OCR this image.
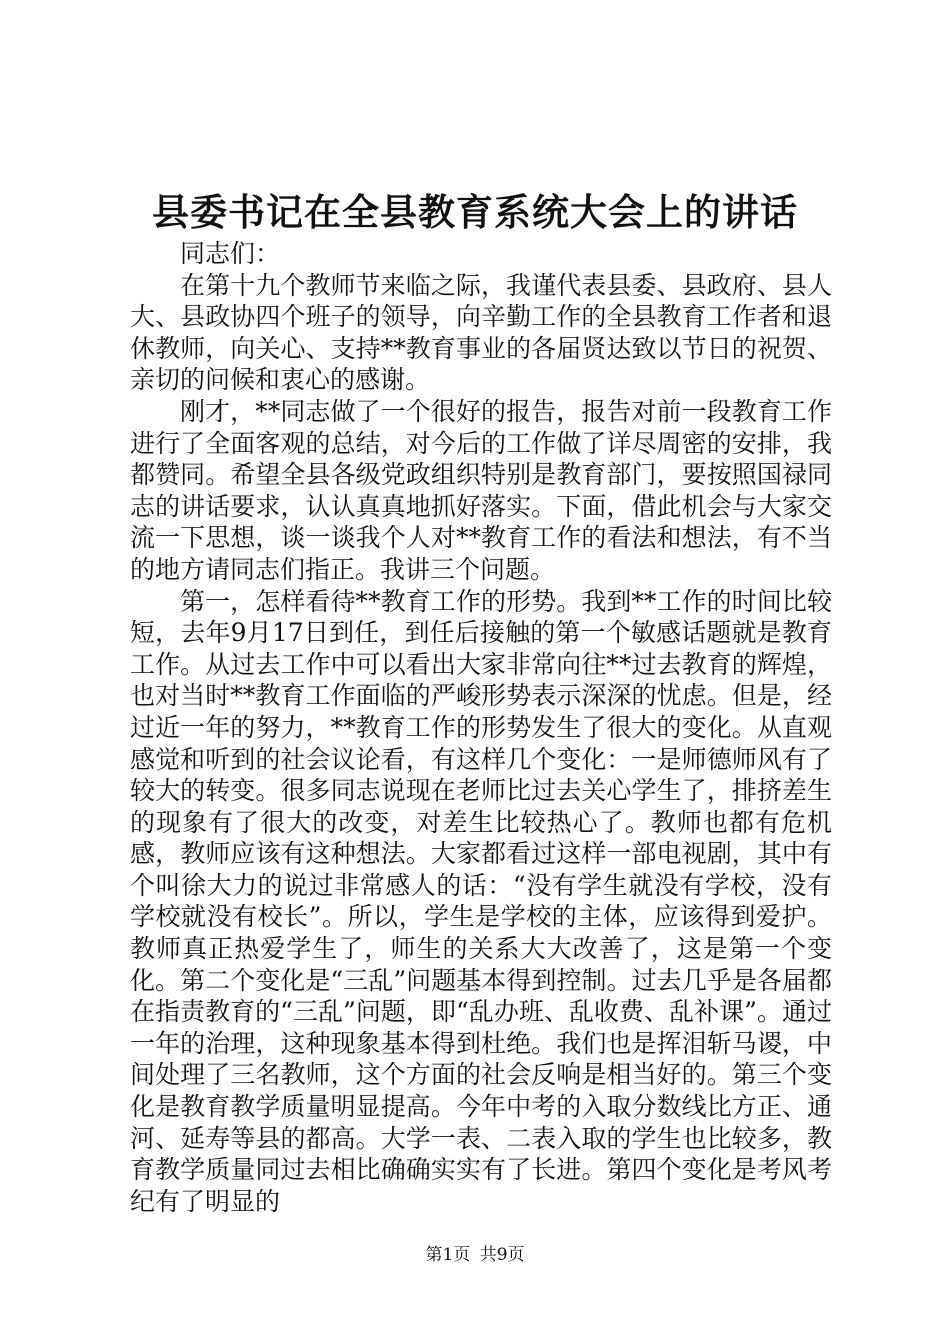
县委书记在全县教育系统大会上的讲话

同志们：

在第十九个教师节来临之际，我谨代表县委、县政府、县人大、县政协四个班子的领导，向辛勤工作的全县教育工作者和退休教师，向关心、支持**教育事业的各届贤达致以节日的祝贺、亲切的问候和衷心的感谢。

刚才，**同志做了一个很好的报告，报告对前一段教育工作进行了全面客观的总结，对今后的工作做了详尽周密的安排，我都赞同。希望全县各级党政组织特别是教育部门，要按照国禄同志的讲话要求，认认真真地抓好落实。下面，借此机会与大家交流一下思想，谈一谈我个人对**教育工作的看法和想法，有不当的地方请同志们指正。我讲三个问题。

第一，怎样看待**教育工作的形势。我到**工作的时间比较短，去年9月17日到任，到任后接触的第一个敏感话题就是教育工作。从过去工作中可以看出大家非常向往**过去教育的辉煌，也对当时**教育工作面临的严峻形势表示深深的忧虑。但是，经过近一年的努力，**教育工作的形势发生了很大的变化。从直观感觉和听到的社会议论看，有这样几个变化：一是师德师风有了较大的转变。很多同志说现在老师比过去关心学生了，排挤差生的现象有了很大的改变，对差生比较热心了。教师也都有危机感，教师应该有这种想法。大家都看过这样一部电视剧，其中有个叫徐大力的说过非常感人的话：“没有学生就没有学校，没有学校就没有校长”。所以，学生是学校的主体，应该得到爱护。教师真正热爱学生了，师生的关系大大改善了，这是第一个变化。第二个变化是“三乱”问题基本得到控制。过去几乎是各届都在指责教育的“三乱”问题，即“乱办班、乱收费、乱补课”。通过一年的治理，这种现象基本得到杜绝。我们也是挥泪斩马谡，中间处理了三名教师，这个方面的社会反响是相当好的。第三个变化是教育教学质量明显提高。今年中考的入取分数线比方正、通河、延寿等县的都高。大学一表、二表入取的学生也比较多，教育教学质量同过去相比确确实实有了长进。第四个变化是考风考纪有了明显的

第1页 共9页
